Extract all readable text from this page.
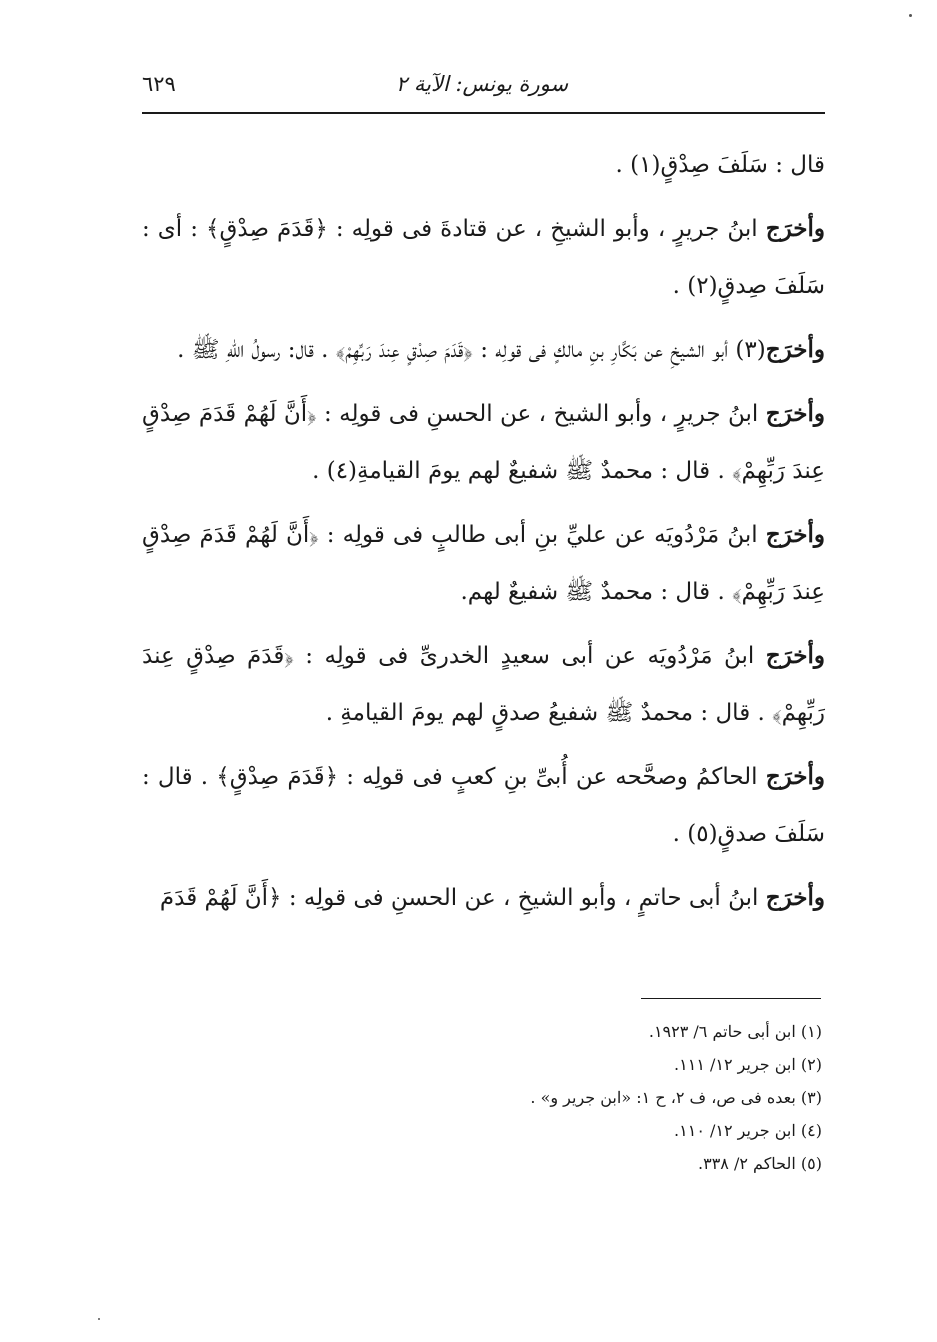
سورة يونس: الآية ٢
٦٢٩

قال : سَلَفَ صِدْقٍ(١) .

وأخرَج ابنُ جريرٍ ، وأبو الشيخِ ، عن قتادةَ فى قولِه : ﴿قَدَمَ صِدْقٍ﴾ : أى : سَلَفَ صِدقٍ(٢) .

وأخرَج(٣) أبو الشيخِ عن بَكَّارِ بنِ مالكٍ فى قولِه : ﴿قَدَمَ صِدْقٍ عِندَ رَبِّهِمْ﴾ . قال: رسولُ اللهِ ﷺ .

وأخرَج ابنُ جريرٍ ، وأبو الشيخ ، عن الحسنِ فى قولِه : ﴿أَنَّ لَهُمْ قَدَمَ صِدْقٍ عِندَ رَبِّهِمْ﴾ . قال : محمدٌ ﷺ شفيعٌ لهم يومَ القيامةِ(٤) .

وأخرَج ابنُ مَرْدُويَه عن عليِّ بنِ أبى طالبٍ فى قولِه : ﴿أَنَّ لَهُمْ قَدَمَ صِدْقٍ عِندَ رَبِّهِمْ﴾ . قال : محمدٌ ﷺ شفيعٌ لهم.

وأخرَج ابنُ مَرْدُويَه عن أبى سعيدٍ الخدرىِّ فى قولِه : ﴿قَدَمَ صِدْقٍ عِندَ رَبِّهِمْ﴾ . قال : محمدٌ ﷺ شفيعُ صدقٍ لهم يومَ القيامةِ .

وأخرَج الحاكمُ وصحَّحه عن أُبىِّ بنِ كعبٍ فى قولِه : ﴿قَدَمَ صِدْقٍ﴾ . قال : سَلَفَ صدقٍ(٥) .

وأخرَج ابنُ أبى حاتمٍ ، وأبو الشيخِ ، عن الحسنِ فى قولِه : ﴿أَنَّ لَهُمْ قَدَمَ

(١) ابن أبى حاتم ٦/ ١٩٢٣.

(٢) ابن جرير ١٢/ ١١١.

(٣) بعده فى ص، ف ٢، ح ١: «ابن جرير و» .

(٤) ابن جرير ١٢/ ١١٠.

(٥) الحاكم ٢/ ٣٣٨.
